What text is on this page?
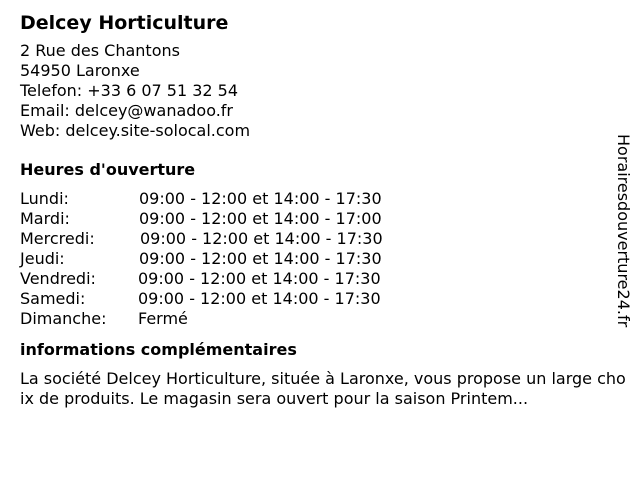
Delcey Horticulture
2 Rue des Chantons
54950 Laronxe
Telefon: +33 6 07 51 32 54
Email: delcey@wanadoo.fr
Web: delcey.site-solocal.com
Heures d'ouverture
Lundi:	09:00 - 12:00 et 14:00 - 17:30
Mardi:	09:00 - 12:00 et 14:00 - 17:00
Mercredi:	09:00 - 12:00 et 14:00 - 17:30
Jeudi:	09:00 - 12:00 et 14:00 - 17:30
Vendredi:	09:00 - 12:00 et 14:00 - 17:30
Samedi:	09:00 - 12:00 et 14:00 - 17:30
Dimanche: Fermé
informations complémentaires
La société Delcey Horticulture, située à Laronxe, vous propose un large choix de produits. Le magasin sera ouvert pour la saison Printem...
Horairesdouverture24.fr
